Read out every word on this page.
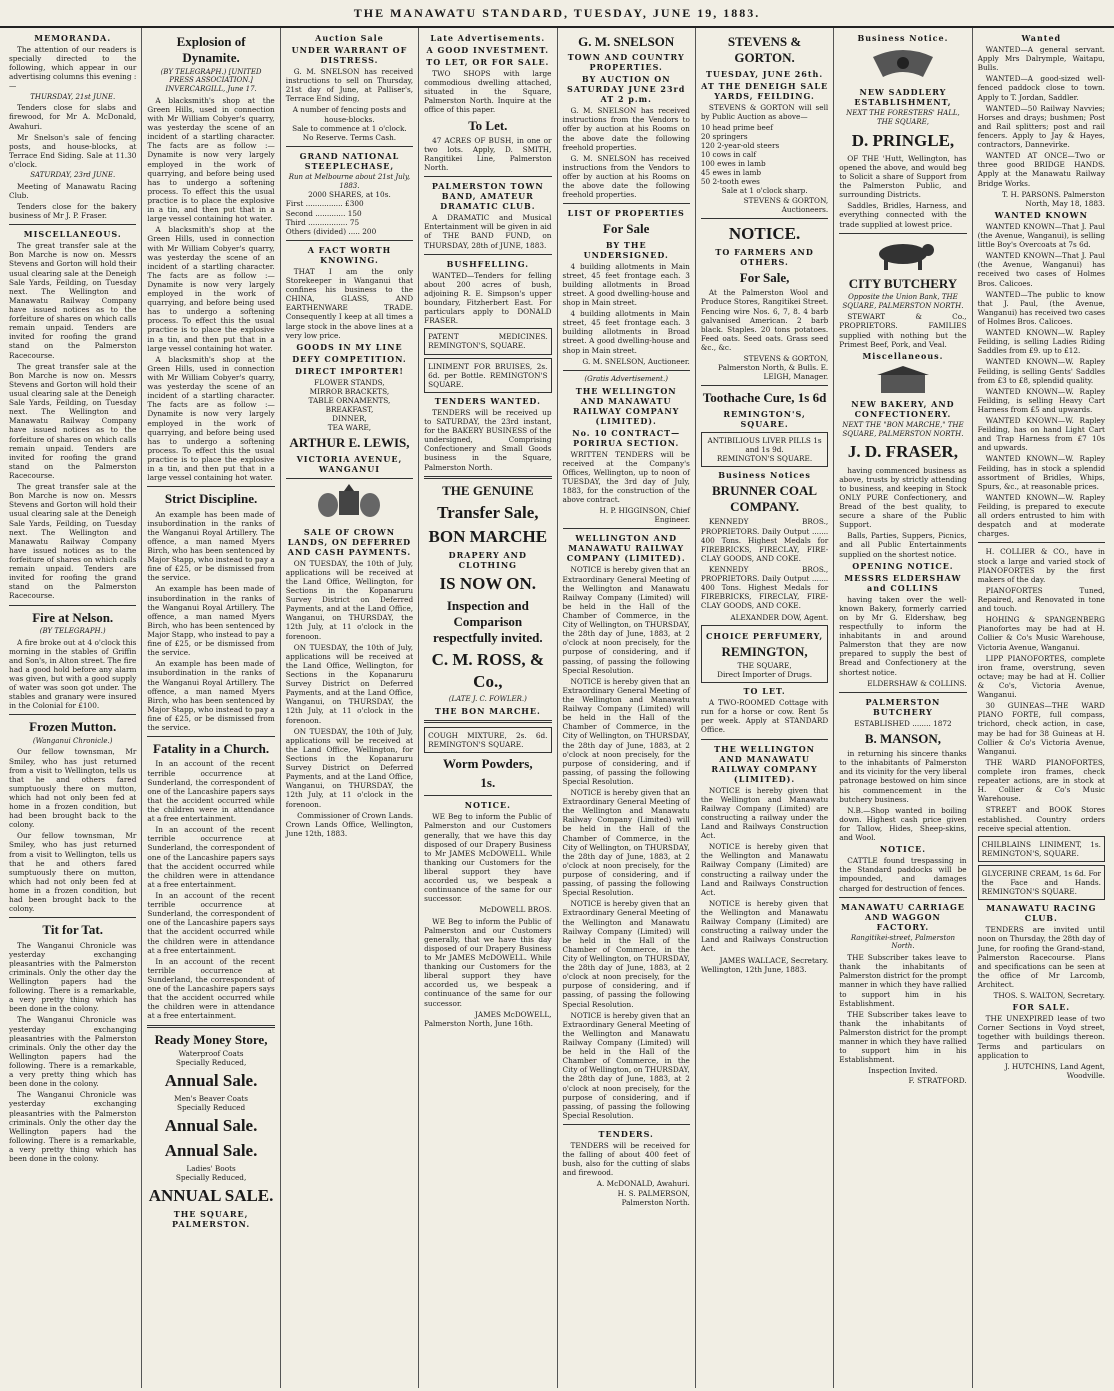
THE MANAWATU STANDARD, TUESDAY, JUNE 19, 1883.
MEMORANDA.

The attention of our readers is specially directed to the following, which appear in our advertising columns this evening :—

THURSDAY, 21st JUNE.

Tenders close for slabs and firewood, for Mr A. McDonald, Awahuri.

Mr Snelson's sale of fencing posts, and house-blocks, at Terrace End Siding. Sale at 11.30 o'clock.

SATURDAY, 23rd JUNE.

Meeting of Manawatu Racing Club.

Tenders close for the bakery business of Mr J. P. Fraser.

MISCELLANEOUS.

The great transfer sale at the Bon Marche is now on. Messrs Stevens and Gorton will hold their usual clearing sale at the Deneigh Sale Yards, Feilding, on Tuesday next. The Wellington and Manawatu Railway Company have issued notices as to the forfeiture of shares on which calls remain unpaid. Tenders are invited for roofing the grand stand on the Palmerston Racecourse.

The great transfer sale at the Bon Marche is now on. Messrs Stevens and Gorton will hold their usual clearing sale at the Deneigh Sale Yards, Feilding, on Tuesday next. The Wellington and Manawatu Railway Company have issued notices as to the forfeiture of shares on which calls remain unpaid. Tenders are invited for roofing the grand stand on the Palmerston Racecourse.

The great transfer sale at the Bon Marche is now on. Messrs Stevens and Gorton will hold their usual clearing sale at the Deneigh Sale Yards, Feilding, on Tuesday next. The Wellington and Manawatu Railway Company have issued notices as to the forfeiture of shares on which calls remain unpaid. Tenders are invited for roofing the grand stand on the Palmerston Racecourse.

Fire at Nelson.
(BY TELEGRAPH.)

A fire broke out at 4 o'clock this morning in the stables of Griffin and Son's, in Alton street. The fire had a good hold before any alarm was given, but with a good supply of water was soon got under. The stables and granary were insured in the Colonial for £100.

Frozen Mutton.
(Wanganui Chronicle.)

Our fellow townsman, Mr Smiley, who has just returned from a visit to Wellington, tells us that he and others fared sumptuously there on mutton, which had not only been fed at home in a frozen condition, but had been brought back to the colony.

Our fellow townsman, Mr Smiley, who has just returned from a visit to Wellington, tells us that he and others fared sumptuously there on mutton, which had not only been fed at home in a frozen condition, but had been brought back to the colony.

Tit for Tat.

The Wanganui Chronicle was yesterday exchanging pleasantries with the Palmerston criminals. Only the other day the Wellington papers had the following. There is a remarkable, a very pretty thing which has been done in the colony.

The Wanganui Chronicle was yesterday exchanging pleasantries with the Palmerston criminals. Only the other day the Wellington papers had the following. There is a remarkable, a very pretty thing which has been done in the colony.

The Wanganui Chronicle was yesterday exchanging pleasantries with the Palmerston criminals. Only the other day the Wellington papers had the following. There is a remarkable, a very pretty thing which has been done in the colony.

Explosion of Dynamite.
(BY TELEGRAPH.) [UNITED PRESS ASSOCIATION.]
INVERCARGILL, June 17.

A blacksmith's shop at the Green Hills, used in connection with Mr William Cobyer's quarry, was yesterday the scene of an incident of a startling character. The facts are as follow :—Dynamite is now very largely employed in the work of quarrying, and before being used has to undergo a softening process. To effect this the usual practice is to place the explosive in a tin, and then put that in a large vessel containing hot water.

A blacksmith's shop at the Green Hills, used in connection with Mr William Cobyer's quarry, was yesterday the scene of an incident of a startling character. The facts are as follow :—Dynamite is now very largely employed in the work of quarrying, and before being used has to undergo a softening process. To effect this the usual practice is to place the explosive in a tin, and then put that in a large vessel containing hot water.

A blacksmith's shop at the Green Hills, used in connection with Mr William Cobyer's quarry, was yesterday the scene of an incident of a startling character. The facts are as follow :—Dynamite is now very largely employed in the work of quarrying, and before being used has to undergo a softening process. To effect this the usual practice is to place the explosive in a tin, and then put that in a large vessel containing hot water.

Strict Discipline.

An example has been made of insubordination in the ranks of the Wanganui Royal Artillery. The offence, a man named Myers Birch, who has been sentenced by Major Stapp, who instead to pay a fine of £25, or be dismissed from the service.

An example has been made of insubordination in the ranks of the Wanganui Royal Artillery. The offence, a man named Myers Birch, who has been sentenced by Major Stapp, who instead to pay a fine of £25, or be dismissed from the service.

An example has been made of insubordination in the ranks of the Wanganui Royal Artillery. The offence, a man named Myers Birch, who has been sentenced by Major Stapp, who instead to pay a fine of £25, or be dismissed from the service.

Fatality in a Church.

In an account of the recent terrible occurrence at Sunderland, the correspondent of one of the Lancashire papers says that the accident occurred while the children were in attendance at a free entertainment.

In an account of the recent terrible occurrence at Sunderland, the correspondent of one of the Lancashire papers says that the accident occurred while the children were in attendance at a free entertainment.

In an account of the recent terrible occurrence at Sunderland, the correspondent of one of the Lancashire papers says that the accident occurred while the children were in attendance at a free entertainment.

In an account of the recent terrible occurrence at Sunderland, the correspondent of one of the Lancashire papers says that the accident occurred while the children were in attendance at a free entertainment.

Ready Money Store,
Waterproof Coats
Specially Reduced,
Annual Sale.
Men's Beaver Coats
Specially Reduced
Annual Sale.
Annual Sale.
Ladies' Boots
Specially Reduced,
ANNUAL SALE.
THE SQUARE, PALMERSTON.
Auction Sale
UNDER WARRANT OF DISTRESS.

G. M. SNELSON has received instructions to sell on Thursday, 21st day of June, at Palliser's, Terrace End Siding,

A number of fencing posts and house-blocks.
Sale to commence at 1 o'clock.
No Reserve. Terms Cash.
GRAND NATIONAL STEEPLECHASE,
Run at Melbourne about 21st July, 1883.
2000 SHARES, at 10s.
First ................ £300
Second ............. 150
Third ................. 75
Others (divided) ..... 200
A FACT WORTH KNOWING.

THAT I am the only Storekeeper in Wanganui that confines his business to the CHINA, GLASS, AND EARTHENWARE TRADE. Consequently I keep at all times a large stock in the above lines at a very low price.

GOODS IN MY LINE
DEFY COMPETITION.
DIRECT IMPORTER!
FLOWER STANDS,
MIRROR BRACKETS,
TABLE ORNAMENTS,
BREAKFAST,
DINNER,
TEA WARE,
ARTHUR E. LEWIS,
VICTORIA AVENUE, WANGANUI
SALE OF CROWN LANDS, ON DEFERRED AND CASH PAYMENTS.

ON TUESDAY, the 10th of July, applications will be received at the Land Office, Wellington, for Sections in the Kopanaruru Survey District on Deferred Payments, and at the Land Office, Wanganui, on THURSDAY, the 12th July, at 11 o'clock in the forenoon.

ON TUESDAY, the 10th of July, applications will be received at the Land Office, Wellington, for Sections in the Kopanaruru Survey District on Deferred Payments, and at the Land Office, Wanganui, on THURSDAY, the 12th July, at 11 o'clock in the forenoon.

ON TUESDAY, the 10th of July, applications will be received at the Land Office, Wellington, for Sections in the Kopanaruru Survey District on Deferred Payments, and at the Land Office, Wanganui, on THURSDAY, the 12th July, at 11 o'clock in the forenoon.

Commissioner of Crown Lands.
Crown Lands Office, Wellington, June 12th, 1883.
Late Advertisements.
A GOOD INVESTMENT.
TO LET, OR FOR SALE.

TWO SHOPS with large commodious dwelling attached, situated in the Square, Palmerston North. Inquire at the office of this paper.

To Let.

47 ACRES OF BUSH, in one or two lots. Apply, D. SMITH, Rangitikei Line, Palmerston North.

PALMERSTON TOWN BAND, AMATEUR DRAMATIC CLUB.

A DRAMATIC and Musical Entertainment will be given in aid of THE BAND FUND, on THURSDAY, 28th of JUNE, 1883.

BUSHFELLING.

WANTED—Tenders for felling about 200 acres of bush, adjoining R. E. Simpson's upper boundary, Fitzherbert East. For particulars apply to DONALD FRASER.

PATENT MEDICINES. REMINGTON'S, SQUARE.
LINIMENT FOR BRUISES, 2s. 6d. per Bottle. REMINGTON'S SQUARE.
TENDERS WANTED.

TENDERS will be received up to SATURDAY, the 23rd instant, for the BAKERY BUSINESS of the undersigned, Comprising Confectionery and Small Goods business in the Square, Palmerston North.

THE GENUINE
Transfer Sale,
BON MARCHE
DRAPERY AND CLOTHING
IS NOW ON.
Inspection and Comparison respectfully invited.
C. M. ROSS, & Co.,
(LATE J. C. FOWLER.)
THE BON MARCHE.
COUGH MIXTURE, 2s. 6d. REMINGTON'S SQUARE.
Worm Powders,
1s.
NOTICE.

WE Beg to inform the Public of Palmerston and our Customers generally, that we have this day disposed of our Drapery Business to Mr JAMES McDOWELL. While thanking our Customers for the liberal support they have accorded us, we bespeak a continuance of the same for our successor.

McDOWELL BROS.

WE Beg to inform the Public of Palmerston and our Customers generally, that we have this day disposed of our Drapery Business to Mr JAMES McDOWELL. While thanking our Customers for the liberal support they have accorded us, we bespeak a continuance of the same for our successor.

JAMES McDOWELL,
Palmerston North, June 16th.
G. M. SNELSON
TOWN AND COUNTRY PROPERTIES.
BY AUCTION ON SATURDAY JUNE 23rd AT 2 p.m.

G. M. SNELSON has received instructions from the Vendors to offer by auction at his Rooms on the above date the following freehold properties.

G. M. SNELSON has received instructions from the Vendors to offer by auction at his Rooms on the above date the following freehold properties.

LIST OF PROPERTIES
For Sale
BY THE UNDERSIGNED.

4 building allotments in Main street, 45 feet frontage each. 3 building allotments in Broad street. A good dwelling-house and shop in Main street.

4 building allotments in Main street, 45 feet frontage each. 3 building allotments in Broad street. A good dwelling-house and shop in Main street.

G. M. SNELSON, Auctioneer.
(Gratis Advertisement.)
THE WELLINGTON AND MANAWATU RAILWAY COMPANY (LIMITED).
No. 10 CONTRACT—PORIRUA SECTION.

WRITTEN TENDERS will be received at the Company's Offices, Wellington, up to noon of TUESDAY, the 3rd day of July, 1883, for the construction of the above contract.

H. P. HIGGINSON, Chief Engineer.
WELLINGTON AND MANAWATU RAILWAY COMPANY (LIMITED).

NOTICE is hereby given that an Extraordinary General Meeting of the Wellington and Manawatu Railway Company (Limited) will be held in the Hall of the Chamber of Commerce, in the City of Wellington, on THURSDAY, the 28th day of June, 1883, at 2 o'clock at noon precisely, for the purpose of considering, and if passing, of passing the following Special Resolution.

NOTICE is hereby given that an Extraordinary General Meeting of the Wellington and Manawatu Railway Company (Limited) will be held in the Hall of the Chamber of Commerce, in the City of Wellington, on THURSDAY, the 28th day of June, 1883, at 2 o'clock at noon precisely, for the purpose of considering, and if passing, of passing the following Special Resolution.

NOTICE is hereby given that an Extraordinary General Meeting of the Wellington and Manawatu Railway Company (Limited) will be held in the Hall of the Chamber of Commerce, in the City of Wellington, on THURSDAY, the 28th day of June, 1883, at 2 o'clock at noon precisely, for the purpose of considering, and if passing, of passing the following Special Resolution.

NOTICE is hereby given that an Extraordinary General Meeting of the Wellington and Manawatu Railway Company (Limited) will be held in the Hall of the Chamber of Commerce, in the City of Wellington, on THURSDAY, the 28th day of June, 1883, at 2 o'clock at noon precisely, for the purpose of considering, and if passing, of passing the following Special Resolution.

NOTICE is hereby given that an Extraordinary General Meeting of the Wellington and Manawatu Railway Company (Limited) will be held in the Hall of the Chamber of Commerce, in the City of Wellington, on THURSDAY, the 28th day of June, 1883, at 2 o'clock at noon precisely, for the purpose of considering, and if passing, of passing the following Special Resolution.

TENDERS.

TENDERS will be received for the falling of about 400 feet of bush, also for the cutting of slabs and firewood.

A. McDONALD, Awahuri.
H. S. PALMERSON,
Palmerston North.
STEVENS & GORTON.
TUESDAY, JUNE 26th.
AT THE DENEIGH SALE YARDS, FEILDING.

STEVENS & GORTON will sell by Public Auction as above—

10 head prime beef
20 springers
120 2-year-old steers
10 cows in calf
100 ewes in lamb
45 ewes in lamb
50 2-tooth ewes
Sale at 1 o'clock sharp.
STEVENS & GORTON, Auctioneers.
NOTICE.
TO FARMERS AND OTHERS.
For Sale,

At the Palmerston Wool and Produce Stores, Rangitikei Street. Fencing wire Nos. 6, 7, 8. 4 barb galvanised American. 2 barb black. Staples. 20 tons potatoes. Feed oats. Seed oats. Grass seed &c., &c.

STEVENS & GORTON, Palmerston North, & Bulls. E. LEIGH, Manager.
Toothache Cure, 1s 6d
REMINGTON'S, SQUARE.
ANTIBILIOUS LIVER PILLS 1s and 1s 9d.
REMINGTON'S SQUARE.
Business Notices
BRUNNER COAL COMPANY.

KENNEDY BROS., PROPRIETORS. Daily Output ....... 400 Tons. Highest Medals for FIREBRICKS, FIRECLAY, FIRE-CLAY GOODS, AND COKE.

KENNEDY BROS., PROPRIETORS. Daily Output ....... 400 Tons. Highest Medals for FIREBRICKS, FIRECLAY, FIRE-CLAY GOODS, AND COKE.

ALEXANDER DOW, Agent.
CHOICE PERFUMERY,
REMINGTON,
THE SQUARE,
Direct Importer of Drugs.
TO LET.

A TWO-ROOMED Cottage with run for a horse or cow. Rent 5s per week. Apply at STANDARD Office.

THE WELLINGTON AND MANAWATU RAILWAY COMPANY (LIMITED).

NOTICE is hereby given that the Wellington and Manawatu Railway Company (Limited) are constructing a railway under the Land and Railways Construction Act.

NOTICE is hereby given that the Wellington and Manawatu Railway Company (Limited) are constructing a railway under the Land and Railways Construction Act.

NOTICE is hereby given that the Wellington and Manawatu Railway Company (Limited) are constructing a railway under the Land and Railways Construction Act.

JAMES WALLACE, Secretary.
Wellington, 12th June, 1883.
Business Notice.
NEW SADDLERY ESTABLISHMENT,
NEXT THE FORESTERS' HALL, THE SQUARE,
D. PRINGLE,

OF THE 'Hutt, Wellington, has opened the above, and would beg to Solicit a share of Support from the Palmerston Public, and surrounding Districts.

Saddles, Bridles, Harness, and everything connected with the trade supplied at lowest price.

CITY BUTCHERY
Opposite the Union Bank, THE SQUARE, PALMERSTON NORTH.

STEWART & Co., PROPRIETORS. FAMILIES supplied with nothing but the Primest Beef, Pork, and Veal.

Miscellaneous.
NEW BAKERY, AND CONFECTIONERY.
NEXT THE "BON MARCHE," THE SQUARE, PALMERSTON NORTH.
J. D. FRASER,

having commenced business as above, trusts by strictly attending to business, and keeping in Stock ONLY PURE Confectionery, and Bread of the best quality, to secure a share of the Public Support.

Balls, Parties, Suppers, Picnics, and all Public Entertainments supplied on the shortest notice.

OPENING NOTICE.
MESSRS ELDERSHAW and COLLINS

having taken over the well-known Bakery, formerly carried on by Mr G. Eldershaw, beg respectfully to inform the inhabitants in and around Palmerston that they are now prepared to supply the best of Bread and Confectionery at the shortest notice.

ELDERSHAW & COLLINS.
PALMERSTON BUTCHERY
ESTABLISHED ........ 1872
B. MANSON,

in returning his sincere thanks to the inhabitants of Palmerston and its vicinity for the very liberal patronage bestowed on him since his commencement in the butchery business.

N.B.—Shop wanted in boiling down. Highest cash price given for Tallow, Hides, Sheep-skins, and Wool.

NOTICE.

CATTLE found trespassing in the Standard paddocks will be impounded, and damages charged for destruction of fences.

MANAWATU CARRIAGE AND WAGGON FACTORY.
Rangitikei-street, Palmerston North.

THE Subscriber takes leave to thank the inhabitants of Palmerston district for the prompt manner in which they have rallied to support him in his Establishment.

THE Subscriber takes leave to thank the inhabitants of Palmerston district for the prompt manner in which they have rallied to support him in his Establishment.

Inspection Invited.
F. STRATFORD.
Wanted

WANTED—A general servant. Apply Mrs Dalrymple, Waitapu, Bulls.

WANTED—A good-sized well-fenced paddock close to town. Apply to T. Jordan, Saddler.

WANTED—50 Railway Navvies; Horses and drays; bushmen; Post and Rail splitters; post and rail fencers. Apply to Jay & Hayes, contractors, Dannevirke.

WANTED AT ONCE—Two or three good BRIDGE HANDS. Apply at the Manawatu Railway Bridge Works.

T. H. PARSONS. Palmerston North, May 18, 1883.
WANTED KNOWN

WANTED KNOWN—That J. Paul (the Avenue, Wanganui), is selling little Boy's Overcoats at 7s 6d.

WANTED KNOWN—That J. Paul (the Avenue, Wanganui) has received two cases of Holmes Bros. Calicoes.

WANTED—The public to know that J. Paul, (the Avenue, Wanganui) has received two cases of Holmes Bros. Calicoes.

WANTED KNOWN—W. Rapley Feilding, is selling Ladies Riding Saddles from £9. up to £12.

WANTED KNOWN—W. Rapley Feilding, is selling Gents' Saddles from £3 to £8, splendid quality.

WANTED KNOWN—W. Rapley Feilding, is selling Heavy Cart Harness from £5 and upwards.

WANTED KNOWN—W. Rapley Feilding, has on hand Light Cart and Trap Harness from £7 10s and upwards.

WANTED KNOWN—W. Rapley Feilding, has in stock a splendid assortment of Bridles, Whips, Spurs, &c., at reasonable prices.

WANTED KNOWN—W. Rapley Feilding, is prepared to execute all orders entrusted to him with despatch and at moderate charges.

H. COLLIER & CO., have in stock a large and varied stock of PIANOFORTES by the first makers of the day.

PIANOFORTES Tuned, Repaired, and Renovated in tone and touch.

HOHING & SPANGENBERG Pianofortes may be had at H. Collier & Co's Music Warehouse, Victoria Avenue, Wanganui.

LIPP PIANOFORTES, complete iron frame, overstrung, seven octave; may be had at H. Collier & Co's, Victoria Avenue, Wanganui.

30 GUINEAS—THE WARD PIANO FORTE, full compass, trichord, check action, in case, may be had for 38 Guineas at H. Collier & Co's Victoria Avenue, Wanganui.

THE WARD PIANOFORTES, complete iron frames, check repeater actions, are in stock at H. Collier & Co's Music Warehouse.

STREET and BOOK Stores established. Country orders receive special attention.

CHILBLAINS LINIMENT, 1s. REMINGTON'S, SQUARE.
GLYCERINE CREAM, 1s 6d. For the Face and Hands. REMINGTON'S SQUARE.
MANAWATU RACING CLUB.

TENDERS are invited until noon on Thursday, the 28th day of June, for roofing the Grand-stand, Palmerston Racecourse. Plans and specifications can be seen at the office of Mr Larcomb, Architect.

THOS. S. WALTON, Secretary.
FOR SALE.

THE UNEXPIRED lease of two Corner Sections in Voyd street, together with buildings thereon. Terms and particulars on application to

J. HUTCHINS, Land Agent, Woodville.
